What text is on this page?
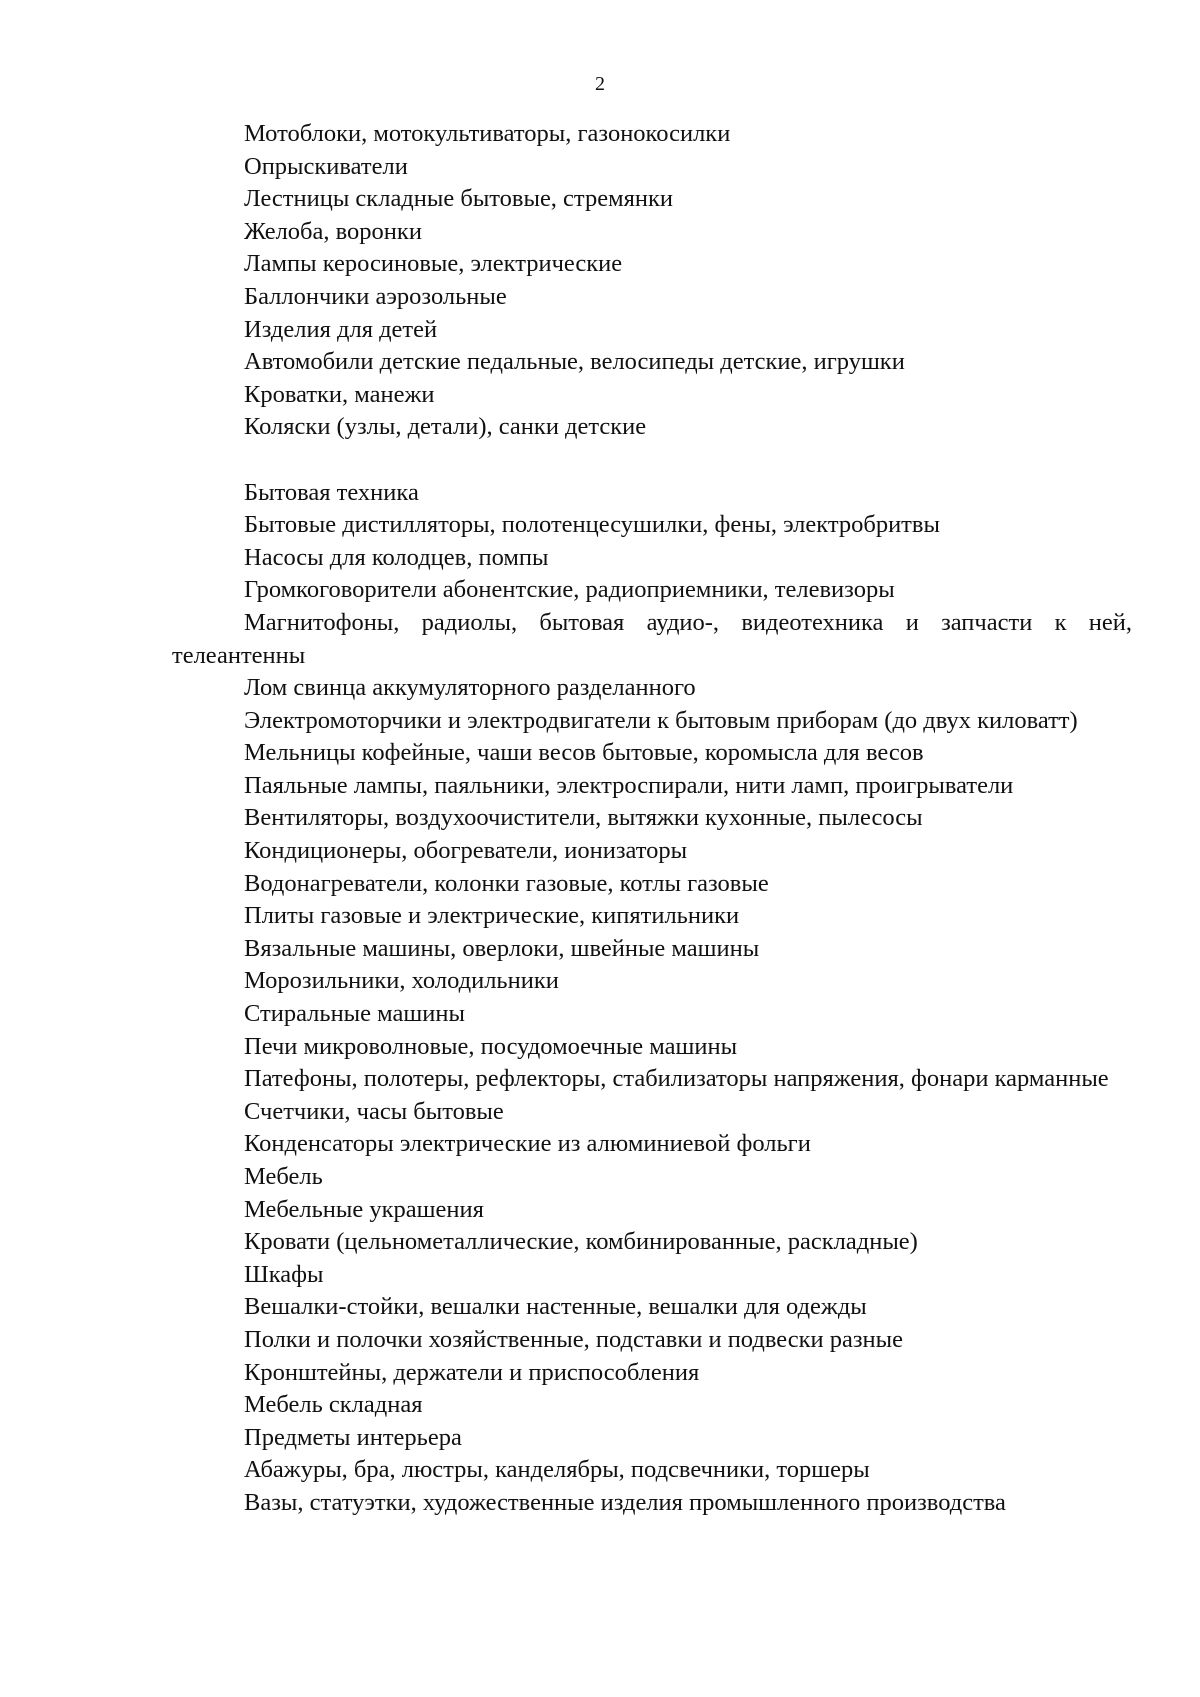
2
Мотоблоки, мотокультиваторы, газонокосилки
Опрыскиватели
Лестницы складные бытовые, стремянки
Желоба, воронки
Лампы керосиновые, электрические
Баллончики аэрозольные
Изделия для детей
Автомобили детские педальные, велосипеды детские, игрушки
Кроватки, манежи
Коляски (узлы, детали), санки детские
Бытовая техника
Бытовые дистилляторы, полотенцесушилки, фены, электробритвы
Насосы для колодцев, помпы
Громкоговорители абонентские, радиоприемники, телевизоры
Магнитофоны, радиолы, бытовая аудио-, видеотехника и запчасти к ней, телеантенны
Лом свинца аккумуляторного разделанного
Электромоторчики и электродвигатели к бытовым приборам (до двух киловатт)
Мельницы кофейные, чаши весов бытовые, коромысла для весов
Паяльные лампы, паяльники, электроспирали, нити ламп, проигрыватели
Вентиляторы, воздухоочистители, вытяжки кухонные, пылесосы
Кондиционеры, обогреватели, ионизаторы
Водонагреватели, колонки газовые, котлы газовые
Плиты газовые и электрические, кипятильники
Вязальные машины, оверлоки, швейные машины
Морозильники, холодильники
Стиральные машины
Печи микроволновые, посудомоечные машины
Патефоны, полотеры, рефлекторы, стабилизаторы напряжения, фонари карманные
Счетчики, часы бытовые
Конденсаторы электрические из алюминиевой фольги
Мебель
Мебельные украшения
Кровати (цельнометаллические, комбинированные, раскладные)
Шкафы
Вешалки-стойки, вешалки настенные, вешалки для одежды
Полки и полочки хозяйственные, подставки и подвески разные
Кронштейны, держатели и приспособления
Мебель складная
Предметы интерьера
Абажуры, бра, люстры, канделябры, подсвечники, торшеры
Вазы, статуэтки, художественные изделия промышленного производства
